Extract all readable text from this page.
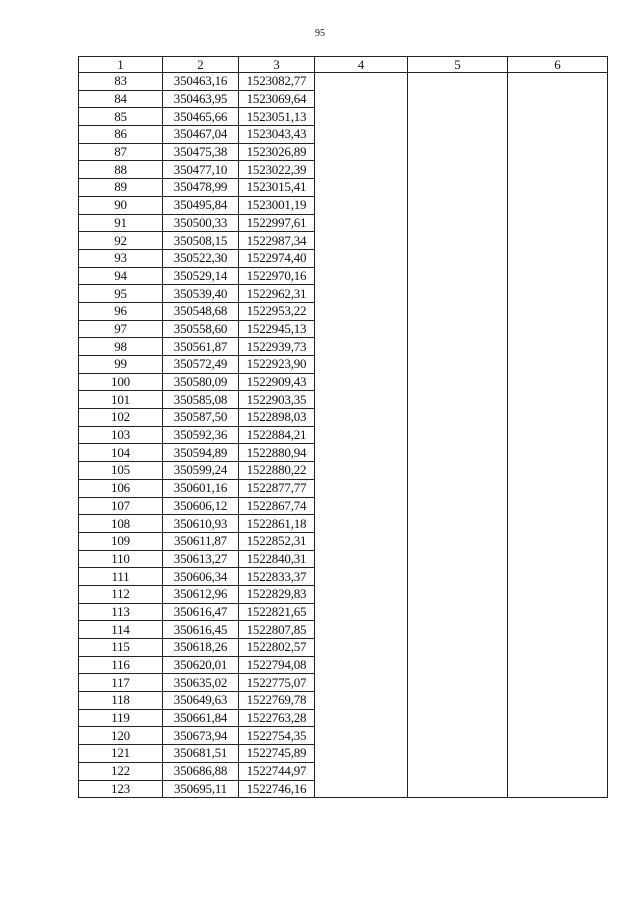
95
1	2	3	4	5	6
83	350463,16	1523082,77			
84	350463,95	1523069,64			
85	350465,66	1523051,13			
86	350467,04	1523043,43			
87	350475,38	1523026,89			
88	350477,10	1523022,39			
89	350478,99	1523015,41			
90	350495,84	1523001,19			
91	350500,33	1522997,61			
92	350508,15	1522987,34			
93	350522,30	1522974,40			
94	350529,14	1522970,16			
95	350539,40	1522962,31			
96	350548,68	1522953,22			
97	350558,60	1522945,13			
98	350561,87	1522939,73			
99	350572,49	1522923,90			
100	350580,09	1522909,43			
101	350585,08	1522903,35			
102	350587,50	1522898,03			
103	350592,36	1522884,21			
104	350594,89	1522880,94			
105	350599,24	1522880,22			
106	350601,16	1522877,77			
107	350606,12	1522867,74			
108	350610,93	1522861,18			
109	350611,87	1522852,31			
110	350613,27	1522840,31			
111	350606,34	1522833,37			
112	350612,96	1522829,83			
113	350616,47	1522821,65			
114	350616,45	1522807,85			
115	350618,26	1522802,57			
116	350620,01	1522794,08			
117	350635,02	1522775,07			
118	350649,63	1522769,78			
119	350661,84	1522763,28			
120	350673,94	1522754,35			
121	350681,51	1522745,89			
122	350686,88	1522744,97			
123	350695,11	1522746,16			
